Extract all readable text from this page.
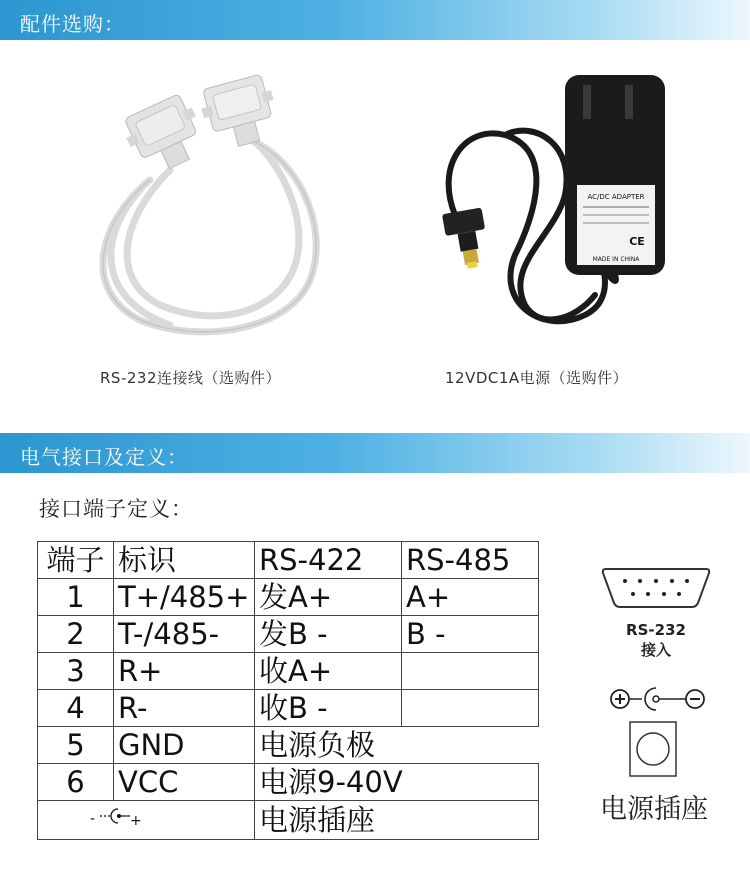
配件选购：
RS-232连接线（选购件）
AC/DC ADAPTER
CE
MADE IN CHINA
12VDC1A电源（选购件）
电气接口及定义：
接口端子定义：
端子	标识	RS-422	RS-485
1	T+/485+	发A+	A+
2	T-/485-	发B -	B -
3	R+	收A+	
4	R-	收B -	
5	GND	电源负极	
6	VCC	电源9-40V	

- +		电源插座	
RS-232
接入
电源插座
